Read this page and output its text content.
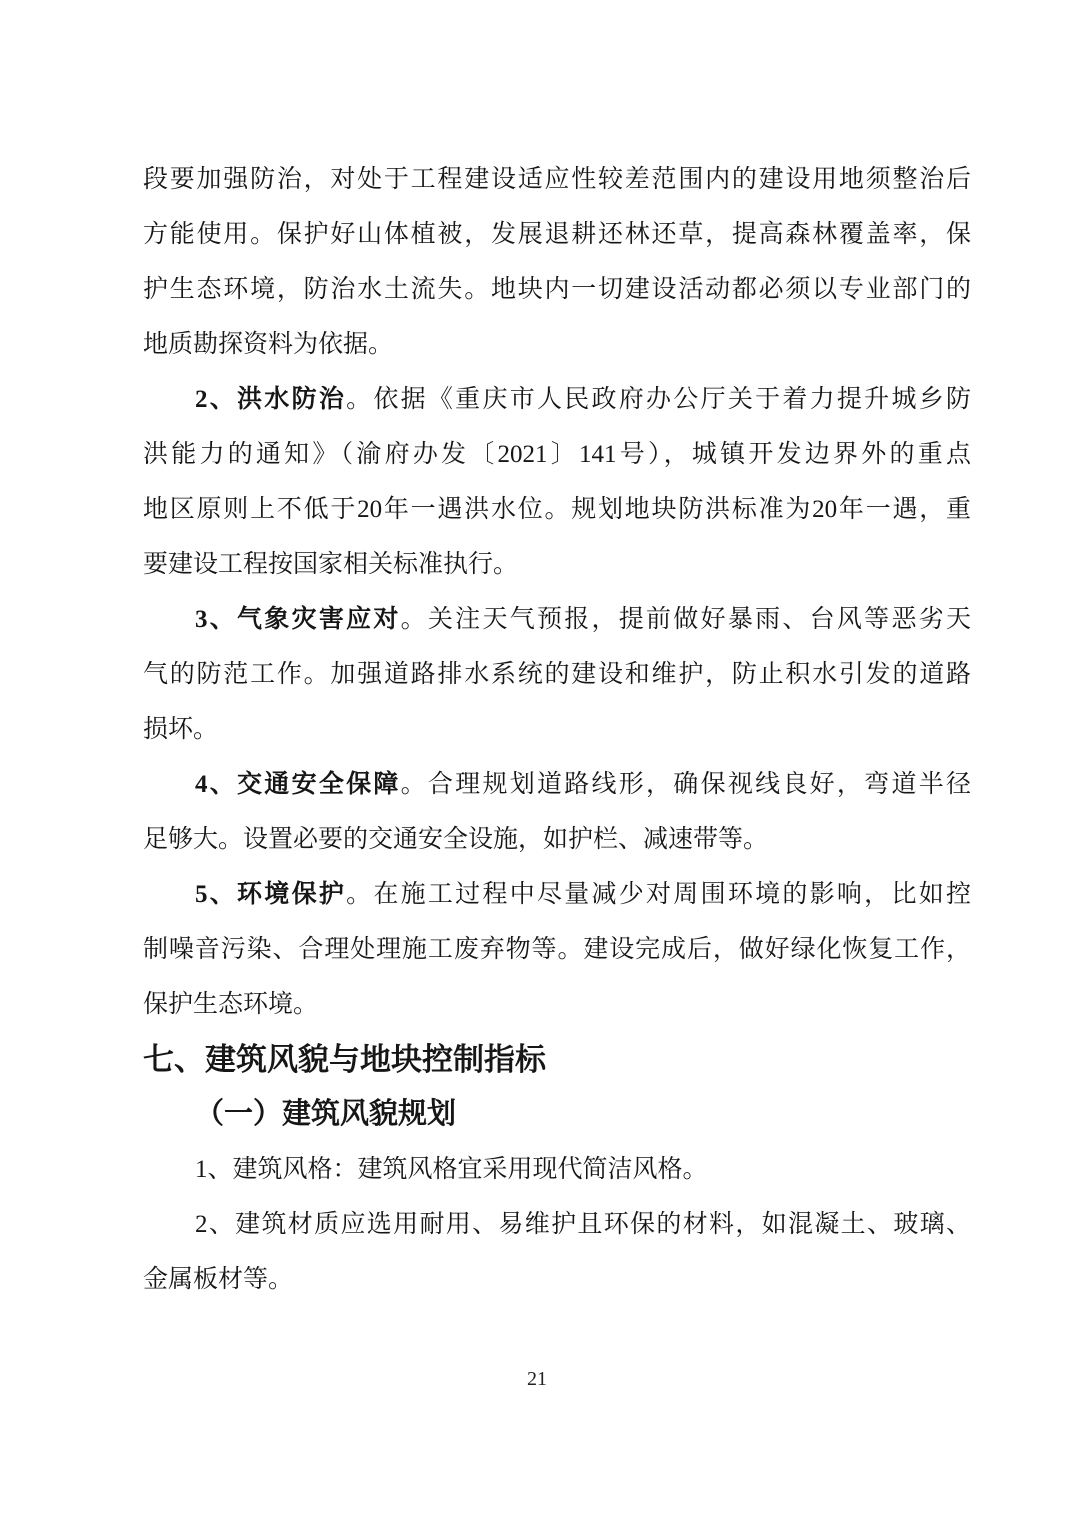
段要加强防治，对处于工程建设适应性较差范围内的建设用地须整治后
方能使用。保护好山体植被，发展退耕还林还草，提高森林覆盖率，保
护生态环境，防治水土流失。地块内一切建设活动都必须以专业部门的
地质勘探资料为依据。
2、洪水防治。依据《重庆市人民政府办公厅关于着力提升城乡防
洪能力的通知》（渝府办发〔2021〕141号），城镇开发边界外的重点
地区原则上不低于20年一遇洪水位。规划地块防洪标准为20年一遇，重
要建设工程按国家相关标准执行。
3、气象灾害应对。关注天气预报，提前做好暴雨、台风等恶劣天
气的防范工作。加强道路排水系统的建设和维护，防止积水引发的道路
损坏。
4、交通安全保障。合理规划道路线形，确保视线良好，弯道半径
足够大。设置必要的交通安全设施，如护栏、减速带等。
5、环境保护。在施工过程中尽量减少对周围环境的影响，比如控
制噪音污染、合理处理施工废弃物等。建设完成后，做好绿化恢复工作，
保护生态环境。
七、建筑风貌与地块控制指标
（一）建筑风貌规划
1、建筑风格：建筑风格宜采用现代简洁风格。
2、建筑材质应选用耐用、易维护且环保的材料，如混凝土、玻璃、
金属板材等。
21
